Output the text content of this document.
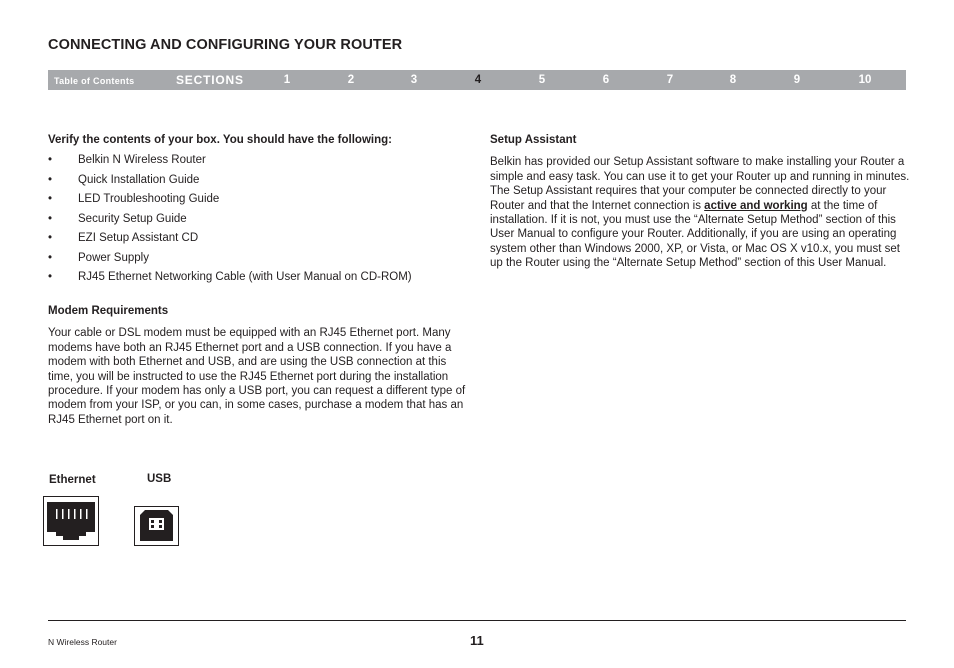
CONNECTING AND CONFIGURING YOUR ROUTER
Table of Contents	SECTIONS	1	2	3	4	5	6	7	8	9	10
Verify the contents of your box. You should have the following:
• Belkin N Wireless Router
• Quick Installation Guide
• LED Troubleshooting Guide
• Security Setup Guide
• EZI Setup Assistant CD
• Power Supply
• RJ45 Ethernet Networking Cable (with User Manual on CD-ROM)
Modem Requirements

Your cable or DSL modem must be equipped with an RJ45 Ethernet port. Many modems have both an RJ45 Ethernet port and a USB connection. If you have a modem with both Ethernet and USB, and are using the USB connection at this time, you will be instructed to use the RJ45 Ethernet port during the installation procedure. If your modem has only a USB port, you can request a different type of modem from your ISP, or you can, in some cases, purchase a modem that has an RJ45 Ethernet port on it.

Ethernet	USB
Setup Assistant

Belkin has provided our Setup Assistant software to make installing your Router a simple and easy task. You can use it to get your Router up and running in minutes. The Setup Assistant requires that your computer be connected directly to your Router and that the Internet connection is active and working at the time of installation. If it is not, you must use the “Alternate Setup Method” section of this User Manual to configure your Router. Additionally, if you are using an operating system other than Windows 2000, XP, or Vista, or Mac OS X v10.x, you must set up the Router using the “Alternate Setup Method” section of this User Manual.

N Wireless Router	11
